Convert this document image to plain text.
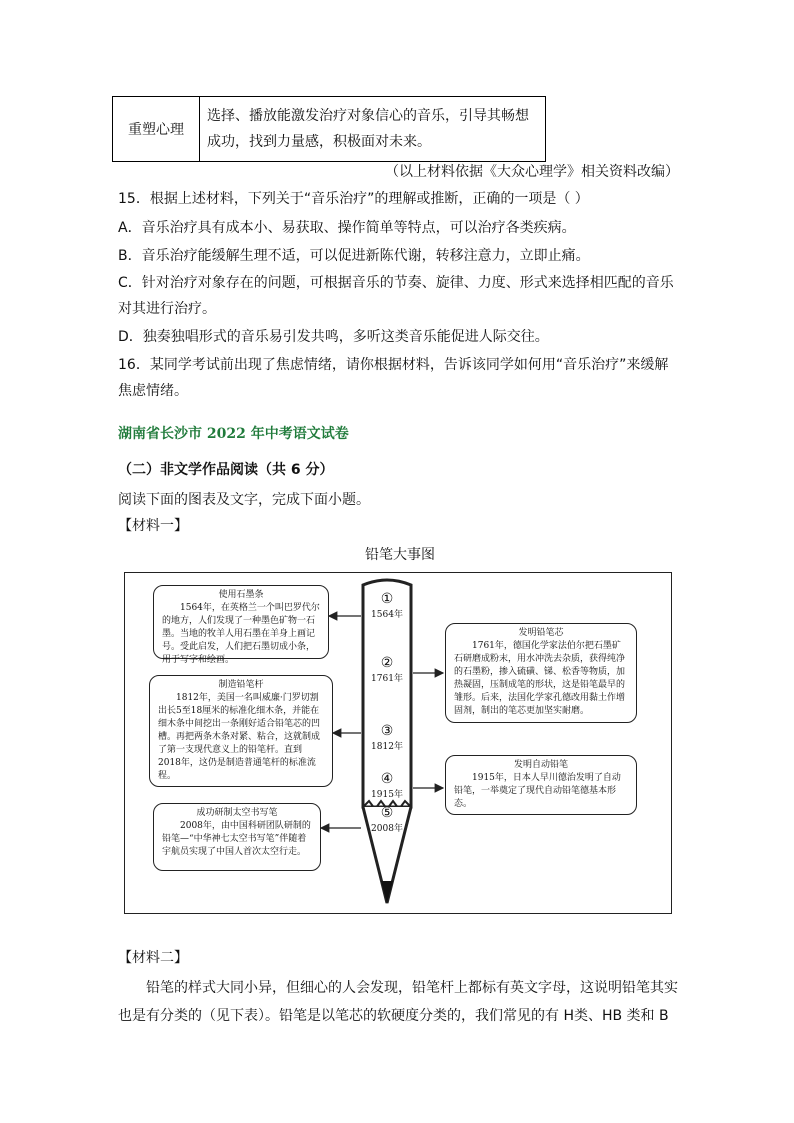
重塑心理
选择、播放能激发治疗对象信心的音乐，引导其畅想成功，找到力量感，积极面对未来。
（以上材料依据《大众心理学》相关资料改编）
15．根据上述材料，下列关于“音乐治疗”的理解或推断，正确的一项是（ ）
A．音乐治疗具有成本小、易获取、操作简单等特点，可以治疗各类疾病。
B．音乐治疗能缓解生理不适，可以促进新陈代谢，转移注意力，立即止痛。
C．针对治疗对象存在的问题，可根据音乐的节奏、旋律、力度、形式来选择相匹配的音乐
对其进行治疗。
D．独奏独唱形式的音乐易引发共鸣，多听这类音乐能促进人际交往。
16．某同学考试前出现了焦虑情绪，请你根据材料，告诉该同学如何用“音乐治疗”来缓解
焦虑情绪。
湖南省长沙市 2022 年中考语文试卷
（二）非文学作品阅读（共 6 分）
阅读下面的图表及文字，完成下面小题。
【材料一】
铅笔大事图
①
1564年
②
1761年
③
1812年
④
1915年
⑤
2008年
使用石墨条
1564年，在英格兰一个叫巴罗代尔的地方，人们发现了一种墨色矿物一石墨。当地的牧羊人用石墨在羊身上画记号。受此启发，人们把石墨切成小条，用于写字和绘画。
发明铅笔芯
1761年，德国化学家法伯尔把石墨矿石研磨成粉末，用水冲洗去杂质，获得纯净的石墨粉，掺入硫磺、锑、松香等物质，加热凝固，压制成笔的形状，这是铅笔最早的雏形。后来，法国化学家孔德改用黏土作增固剂，制出的笔芯更加坚实耐磨。
制造铅笔杆
1812年，美国一名叫威廉·门罗切割出长5至18厘米的标准化细木条，并能在细木条中间挖出一条刚好适合铅笔芯的凹槽。再把两条木条对紧、粘合，这就制成了第一支现代意义上的铅笔杆。直到2018年，这仍是制造普通笔杆的标准流程。
发明自动铅笔
1915年，日本人早川德治发明了自动铅笔，一举奠定了现代自动铅笔德基本形态。
成功研制太空书写笔
2008年，由中国科研团队研制的铅笔—“中华神七太空书写笔”伴随着宇航员实现了中国人首次太空行走。
【材料二】
铅笔的样式大同小异，但细心的人会发现，铅笔杆上都标有英文字母，这说明铅笔其实
也是有分类的（见下表）。铅笔是以笔芯的软硬度分类的，我们常见的有 H类、HB 类和 B
